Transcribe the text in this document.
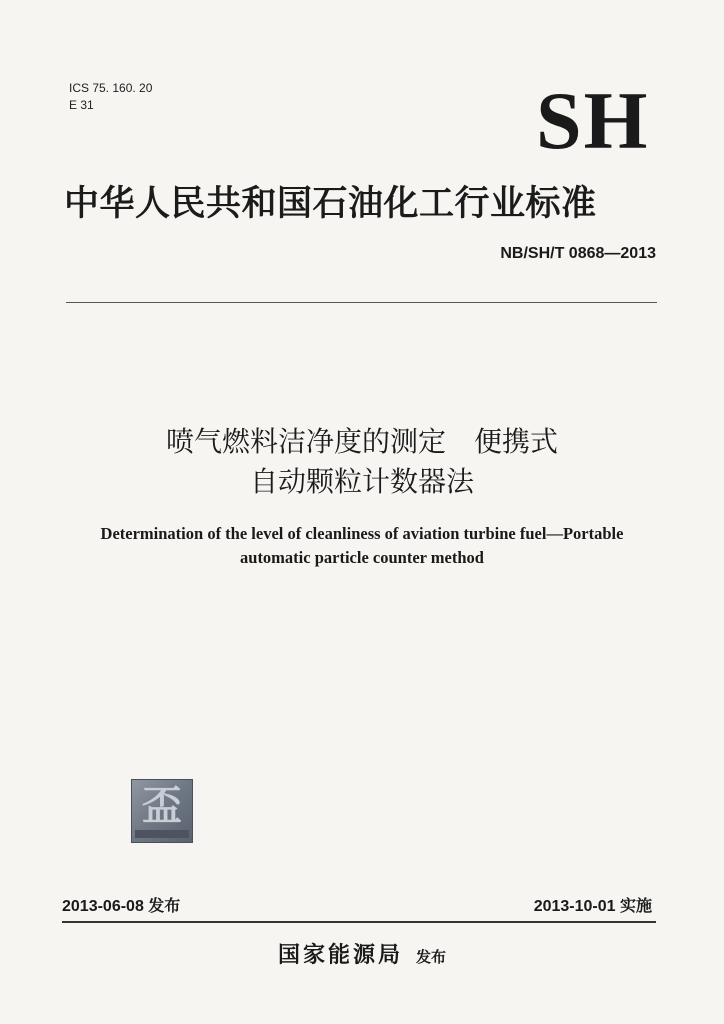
ICS 75. 160. 20
E 31	SH
中华人民共和国石油化工行业标准
NB/SH/T 0868—2013
喷气燃料洁净度的测定　便携式
自动颗粒计数器法
Determination of the level of cleanliness of aviation turbine fuel—Portable
automatic particle counter method
盃
2013-06-08 发布	2013-10-01 实施
国家能源局 发布
